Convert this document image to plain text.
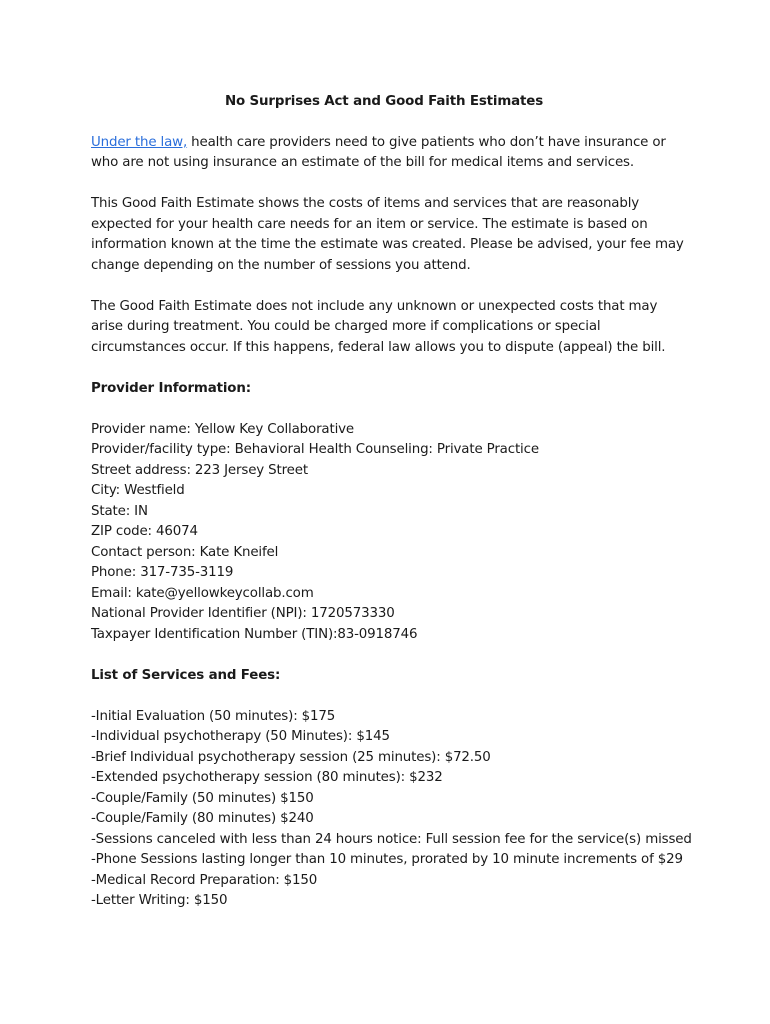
No Surprises Act and Good Faith Estimates

Under the law, health care providers need to give patients who don’t have insurance or
who are not using insurance an estimate of the bill for medical items and services.

This Good Faith Estimate shows the costs of items and services that are reasonably
expected for your health care needs for an item or service. The estimate is based on
information known at the time the estimate was created. Please be advised, your fee may
change depending on the number of sessions you attend.

The Good Faith Estimate does not include any unknown or unexpected costs that may
arise during treatment. You could be charged more if complications or special
circumstances occur. If this happens, federal law allows you to dispute (appeal) the bill.

Provider Information:

Provider name: Yellow Key Collaborative
Provider/facility type: Behavioral Health Counseling: Private Practice
Street address: 223 Jersey Street
City: Westfield
State: IN
ZIP code: 46074
Contact person: Kate Kneifel
Phone: 317-735-3119
Email: kate@yellowkeycollab.com
National Provider Identifier (NPI): 1720573330
Taxpayer Identification Number (TIN):83-0918746

List of Services and Fees:

-Initial Evaluation (50 minutes): $175
-Individual psychotherapy (50 Minutes): $145
-Brief Individual psychotherapy session (25 minutes): $72.50
-Extended psychotherapy session (80 minutes): $232
-Couple/Family (50 minutes) $150
-Couple/Family (80 minutes) $240
-Sessions canceled with less than 24 hours notice: Full session fee for the service(s) missed
-Phone Sessions lasting longer than 10 minutes, prorated by 10 minute increments of $29
-Medical Record Preparation: $150
-Letter Writing: $150
